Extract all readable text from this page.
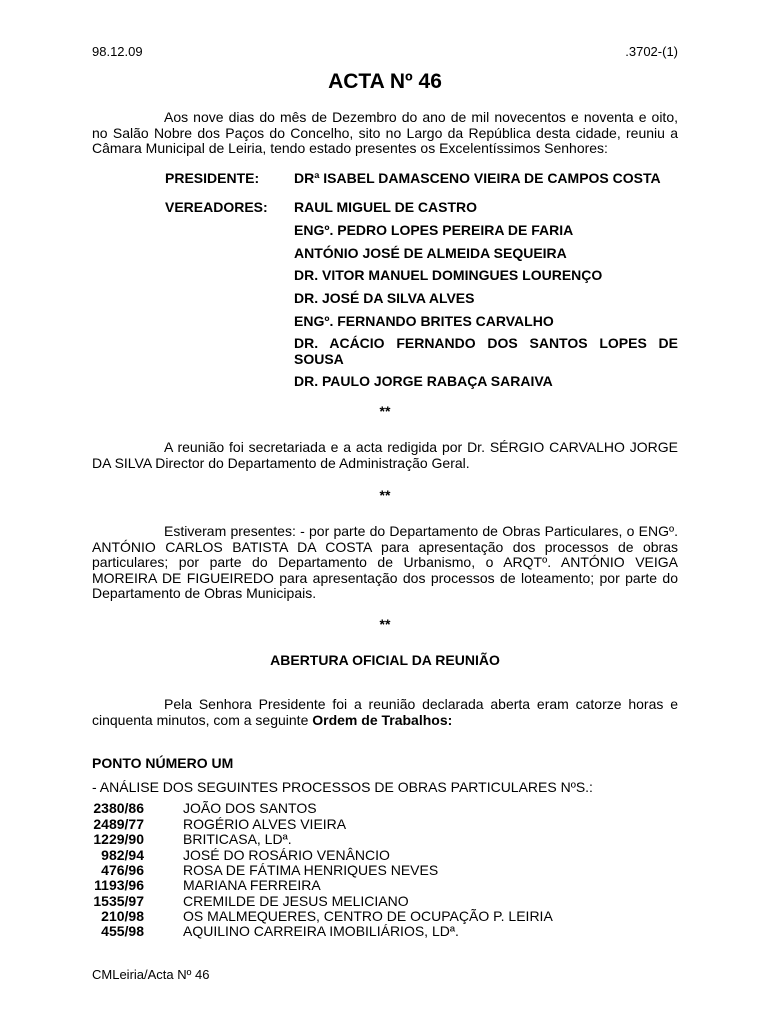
98.12.09	.3702-(1)
ACTA Nº 46
Aos nove dias do mês de Dezembro do ano de mil novecentos e noventa e oito, no Salão Nobre dos Paços do Concelho, sito no Largo da República desta cidade, reuniu a Câmara Municipal de Leiria, tendo estado presentes os Excelentíssimos Senhores:
PRESIDENTE: DRª ISABEL DAMASCENO VIEIRA DE CAMPOS COSTA
VEREADORES: RAUL MIGUEL DE CASTRO
ENGº. PEDRO LOPES PEREIRA DE FARIA
ANTÓNIO JOSÉ DE ALMEIDA SEQUEIRA
DR. VITOR MANUEL DOMINGUES LOURENÇO
DR. JOSÉ DA SILVA ALVES
ENGº. FERNANDO BRITES CARVALHO
DR. ACÁCIO FERNANDO DOS SANTOS LOPES DE SOUSA
DR. PAULO JORGE RABAÇA SARAIVA
**
A reunião foi secretariada e a acta redigida por Dr. SÉRGIO CARVALHO JORGE DA SILVA Director do Departamento de Administração Geral.
**
Estiveram presentes: - por parte do Departamento de Obras Particulares, o ENGº. ANTÓNIO CARLOS BATISTA DA COSTA para apresentação dos processos de obras particulares; por parte do Departamento de Urbanismo, o ARQTº. ANTÓNIO VEIGA MOREIRA DE FIGUEIREDO para apresentação dos processos de loteamento; por parte do Departamento de Obras Municipais.
**
ABERTURA OFICIAL DA REUNIÃO
Pela Senhora Presidente foi a reunião declarada aberta eram catorze horas e cinquenta minutos, com a seguinte Ordem de Trabalhos:
PONTO NÚMERO UM
- ANÁLISE DOS SEGUINTES PROCESSOS DE OBRAS PARTICULARES NºS.:
2380/86	JOÃO DOS SANTOS
2489/77	ROGÉRIO ALVES VIEIRA
1229/90	BRITICASA, LDª.
982/94	JOSÉ DO ROSÁRIO VENÂNCIO
476/96	ROSA DE FÁTIMA HENRIQUES NEVES
1193/96	MARIANA FERREIRA
1535/97	CREMILDE DE JESUS MELICIANO
210/98	OS MALMEQUERES, CENTRO DE OCUPAÇÃO P. LEIRIA
455/98	AQUILINO CARREIRA IMOBILIÁRIOS, LDª.
CMLeiria/Acta Nº 46
